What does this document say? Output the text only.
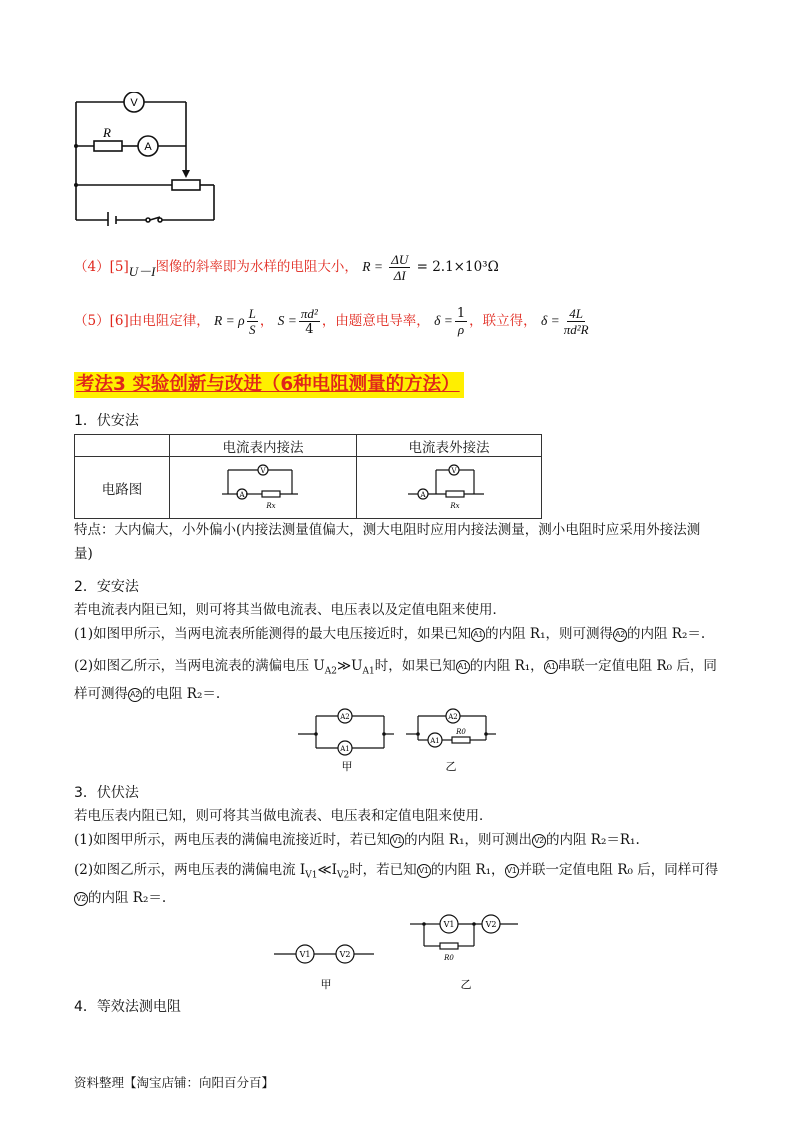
V
A
R
（4）[5]U－I图像的斜率即为水样的电阻大小， $R = \frac{\Delta U}{\Delta I} = 2.1\times 10^3\Omega$
（5）[6]由电阻定律， R = ρ $\frac{L}{S}$ ， $S = \frac{\text{πd²}}{4}$ ，由题意电导率， $\delta = \frac{1}{\rho}$ ，联立得， $\delta = \frac{4L}{\text{πd²R}}$
考法3 实验创新与改进（6种电阻测量的方法）
1．伏安法
	电流表内接法	电流表外接法
电路图	V
A
Rx	V
A
Rx
特点：大内偏大，小外偏小(内接法测量值偏大，测大电阻时应用内接法测量，测小电阻时应采用外接法测
量)
2．安安法
若电流表内阻已知，则可将其当做电流表、电压表以及定值电阻来使用．
(1)如图甲所示，当两电流表所能测得的最大电压接近时，如果已知 A1 的内阻 R₁，则可测得 A2 的内阻 R₂＝.
(2)如图乙所示，当两电流表的满偏电压 $U_{A2}≫U_{A1}$时，如果已知 A1 的内阻 R₁， A1 串联一定值电阻 R₀ 后，同
样可测得 A2 的电阻 R₂＝.
A2
A1
A2
A1
R0
甲	乙
3．伏伏法
若电压表内阻已知，则可将其当做电流表、电压表和定值电阻来使用．
(1)如图甲所示，两电压表的满偏电流接近时，若已知 V1 的内阻 R₁，则可测出 V2 的内阻 R₂＝R₁.
(2)如图乙所示，两电压表的满偏电流 $I_{V1}≪I_{V2}$时，若已知 V1 的内阻 R₁， V1 并联一定值电阻 R₀ 后，同样可得
V2 的内阻 R₂＝.
V1	V2
V1	V2
R0
甲	乙
4．等效法测电阻
资料整理【淘宝店铺：向阳百分百】
